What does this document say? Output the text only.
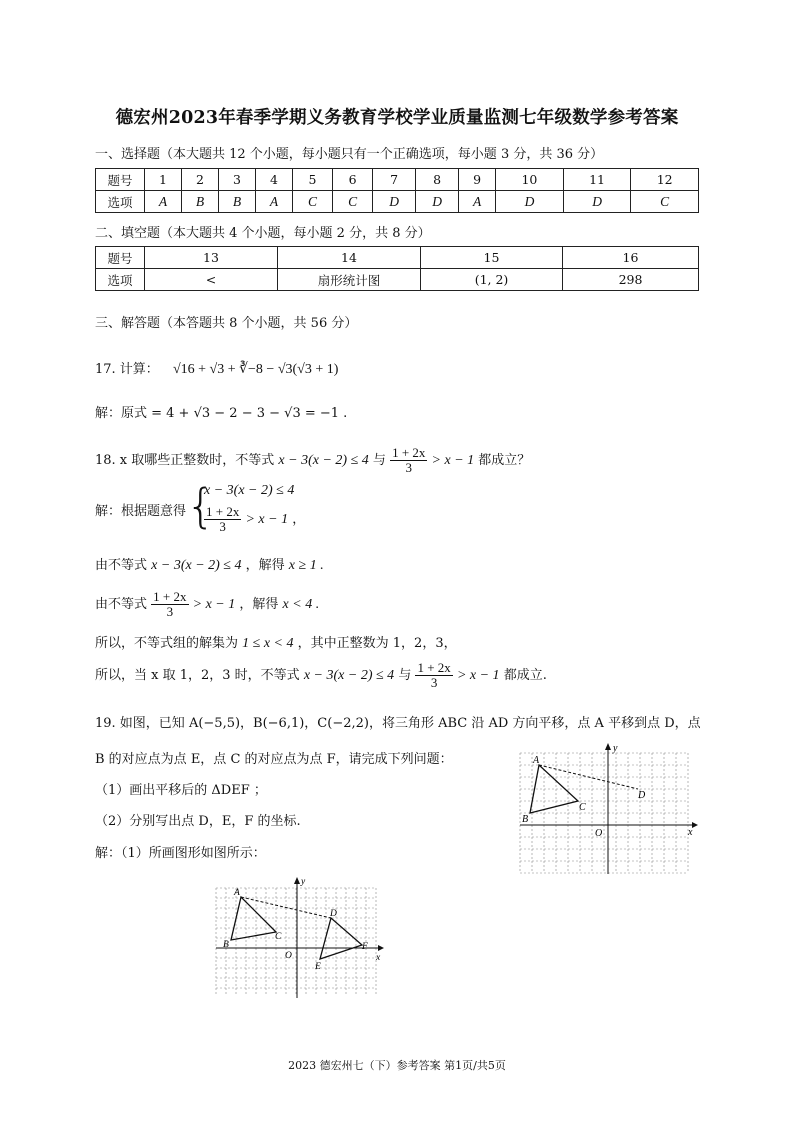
德宏州2023年春季学期义务教育学校学业质量监测七年级数学参考答案
一、选择题（本大题共 12 个小题，每小题只有一个正确选项，每小题 3 分，共 36 分）
题号	1	2	3	4	5	6	7	8	9	10	11	12
选项	A	B	B	A	C	C	D	D	A	D	D	C
二、填空题（本大题共 4 个小题，每小题 2 分，共 8 分）
题号	13	14	15	16
选项	<	扇形统计图	(1, 2)	298
三、解答题（本答题共 8 个小题，共 56 分）
17. 计算： √16 + √3 + ∛−8 − √3(√3 + 1)
解：原式 = 4 + √3 − 2 − 3 − √3 = −1 .
18. x 取哪些正整数时，不等式 x − 3(x − 2) ≤ 4 与 $\frac{1 + 2x}{3} > x - 1$ 都成立？
解：根据题意得 {
x − 3(x − 2) ≤ 4
$\frac{1 + 2x}{3} > x - 1$ ，
由不等式 x − 3(x − 2) ≤ 4 ，解得 x ≥ 1 .
由不等式 $\frac{1 + 2x}{3} > x - 1$ ，解得 x < 4 .
所以，不等式组的解集为 1 ≤ x < 4 ，其中正整数为 1，2，3，
所以，当 x 取 1，2，3 时，不等式 x − 3(x − 2) ≤ 4 与 $\frac{1 + 2x}{3} > x - 1$ 都成立.
19. 如图，已知 A(−5,5)，B(−6,1)，C(−2,2)，将三角形 ABC 沿 AD 方向平移，点 A 平移到点 D，点
B 的对应点为点 E，点 C 的对应点为点 F，请完成下列问题：
（1）画出平移后的 ΔDEF ；
（2）分别写出点 D，E，F 的坐标.
解：（1）所画图形如图所示：
A
B
C
D
O	x
y
A
B
C
D
E
F
O	x
y
2023 德宏州七（下）参考答案 第1页/共5页
